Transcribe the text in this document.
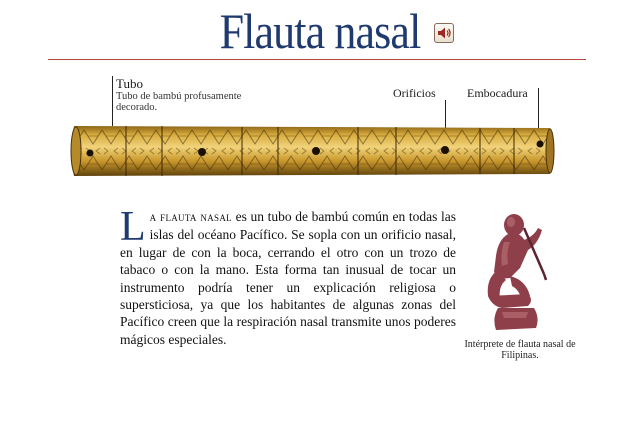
Flauta nasal
Tubo
Tubo de bambú profusamente decorado.
Orificios	Embocadura
La flauta nasal es un tubo de bambú común en todas las islas del océano Pacífico. Se sopla con un orificio nasal, en lugar de con la boca, cerrando el otro con un trozo de tabaco o con la mano. Esta forma tan inusual de tocar un instrumento podría tener un explicación religiosa o supersticiosa, ya que los habitantes de algunas zonas del Pacífico creen que la respiración nasal transmite unos poderes mágicos especiales.	Intérprete de flauta nasal de Filipinas.
